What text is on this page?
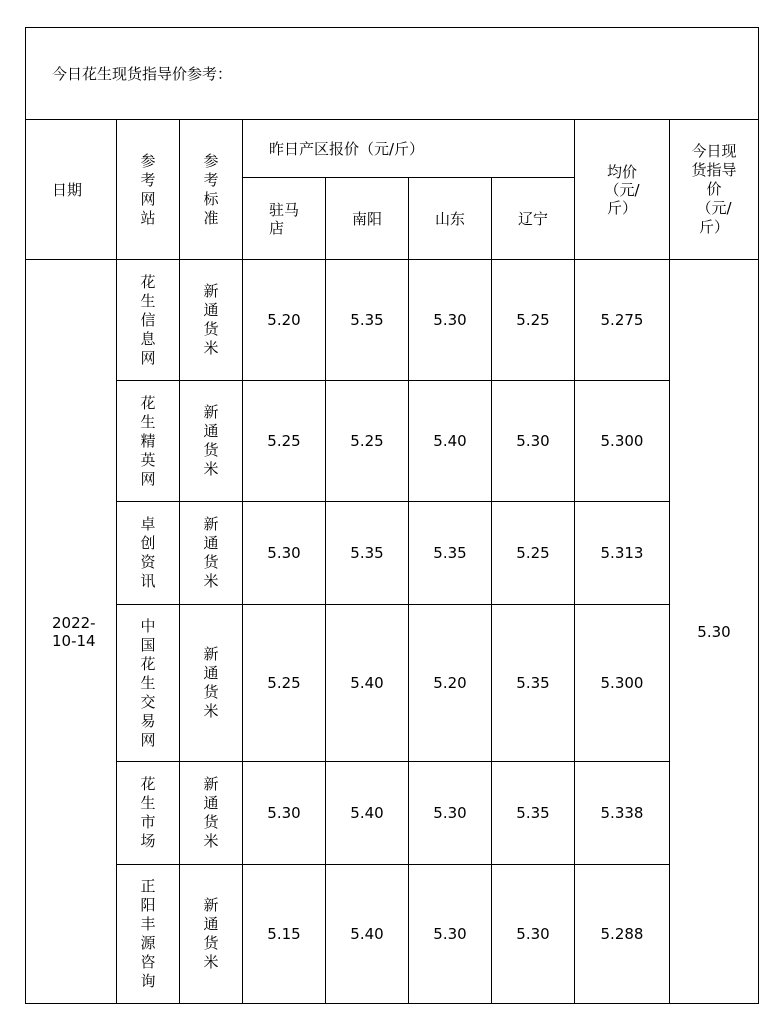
今日花生现货指导价参考：								
日期	参考网站	参考标准	昨日产区报价（元/斤）				均价（元/斤）	今日现货指导价（元/斤）
			驻马店	南阳	山东	辽宁		
2022-10-14	花生信息网	新通货米	5.20	5.35	5.30	5.25	5.275	5.30
	花生精英网	新通货米	5.25	5.25	5.40	5.30	5.300	
	卓创资讯	新通货米	5.30	5.35	5.35	5.25	5.313	
	中国花生交易网	新通货米	5.25	5.40	5.20	5.35	5.300	
	花生市场	新通货米	5.30	5.40	5.30	5.35	5.338	
	正阳丰源咨询	新通货米	5.15	5.40	5.30	5.30	5.288	
